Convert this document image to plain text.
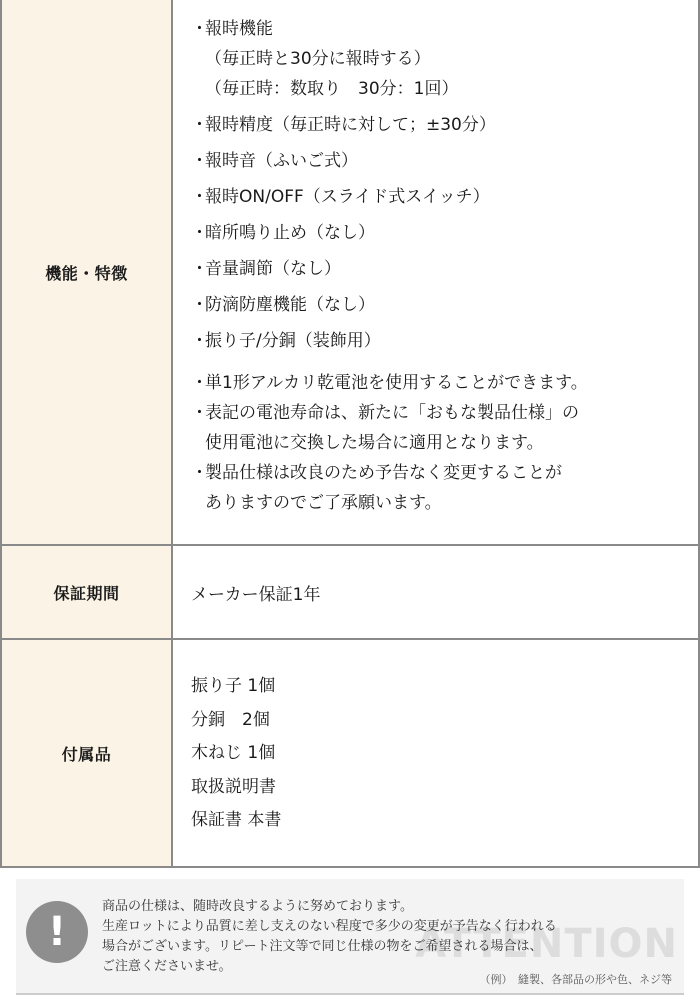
機能・特徴
・
報時機能
（毎正時と30分に報時する）
（毎正時：数取り　30分：1回）
・
報時精度（毎正時に対して；±30分）
・
報時音（ふいご式）
・
報時ON/OFF（スライド式スイッチ）
・
暗所鳴り止め（なし）
・
音量調節（なし）
・
防滴防塵機能（なし）
・
振り子/分銅（装飾用）
・
単1形アルカリ乾電池を使用することができます。
・
表記の電池寿命は、新たに「おもな製品仕様」の
使用電池に交換した場合に適用となります。
・
製品仕様は改良のため予告なく変更することが
ありますのでご了承願います。
保証期間	メーカー保証1年
付属品
振り子 1個
分銅　2個
木ねじ 1個
取扱説明書
保証書 本書
!	ATTENTION
商品の仕様は、随時改良するように努めております。
生産ロットにより品質に差し支えのない程度で多少の変更が予告なく行われる
場合がございます。リピート注文等で同じ仕様の物をご希望される場合は、
ご注意くださいませ。
（例）　縫製、各部品の形や色、ネジ等
